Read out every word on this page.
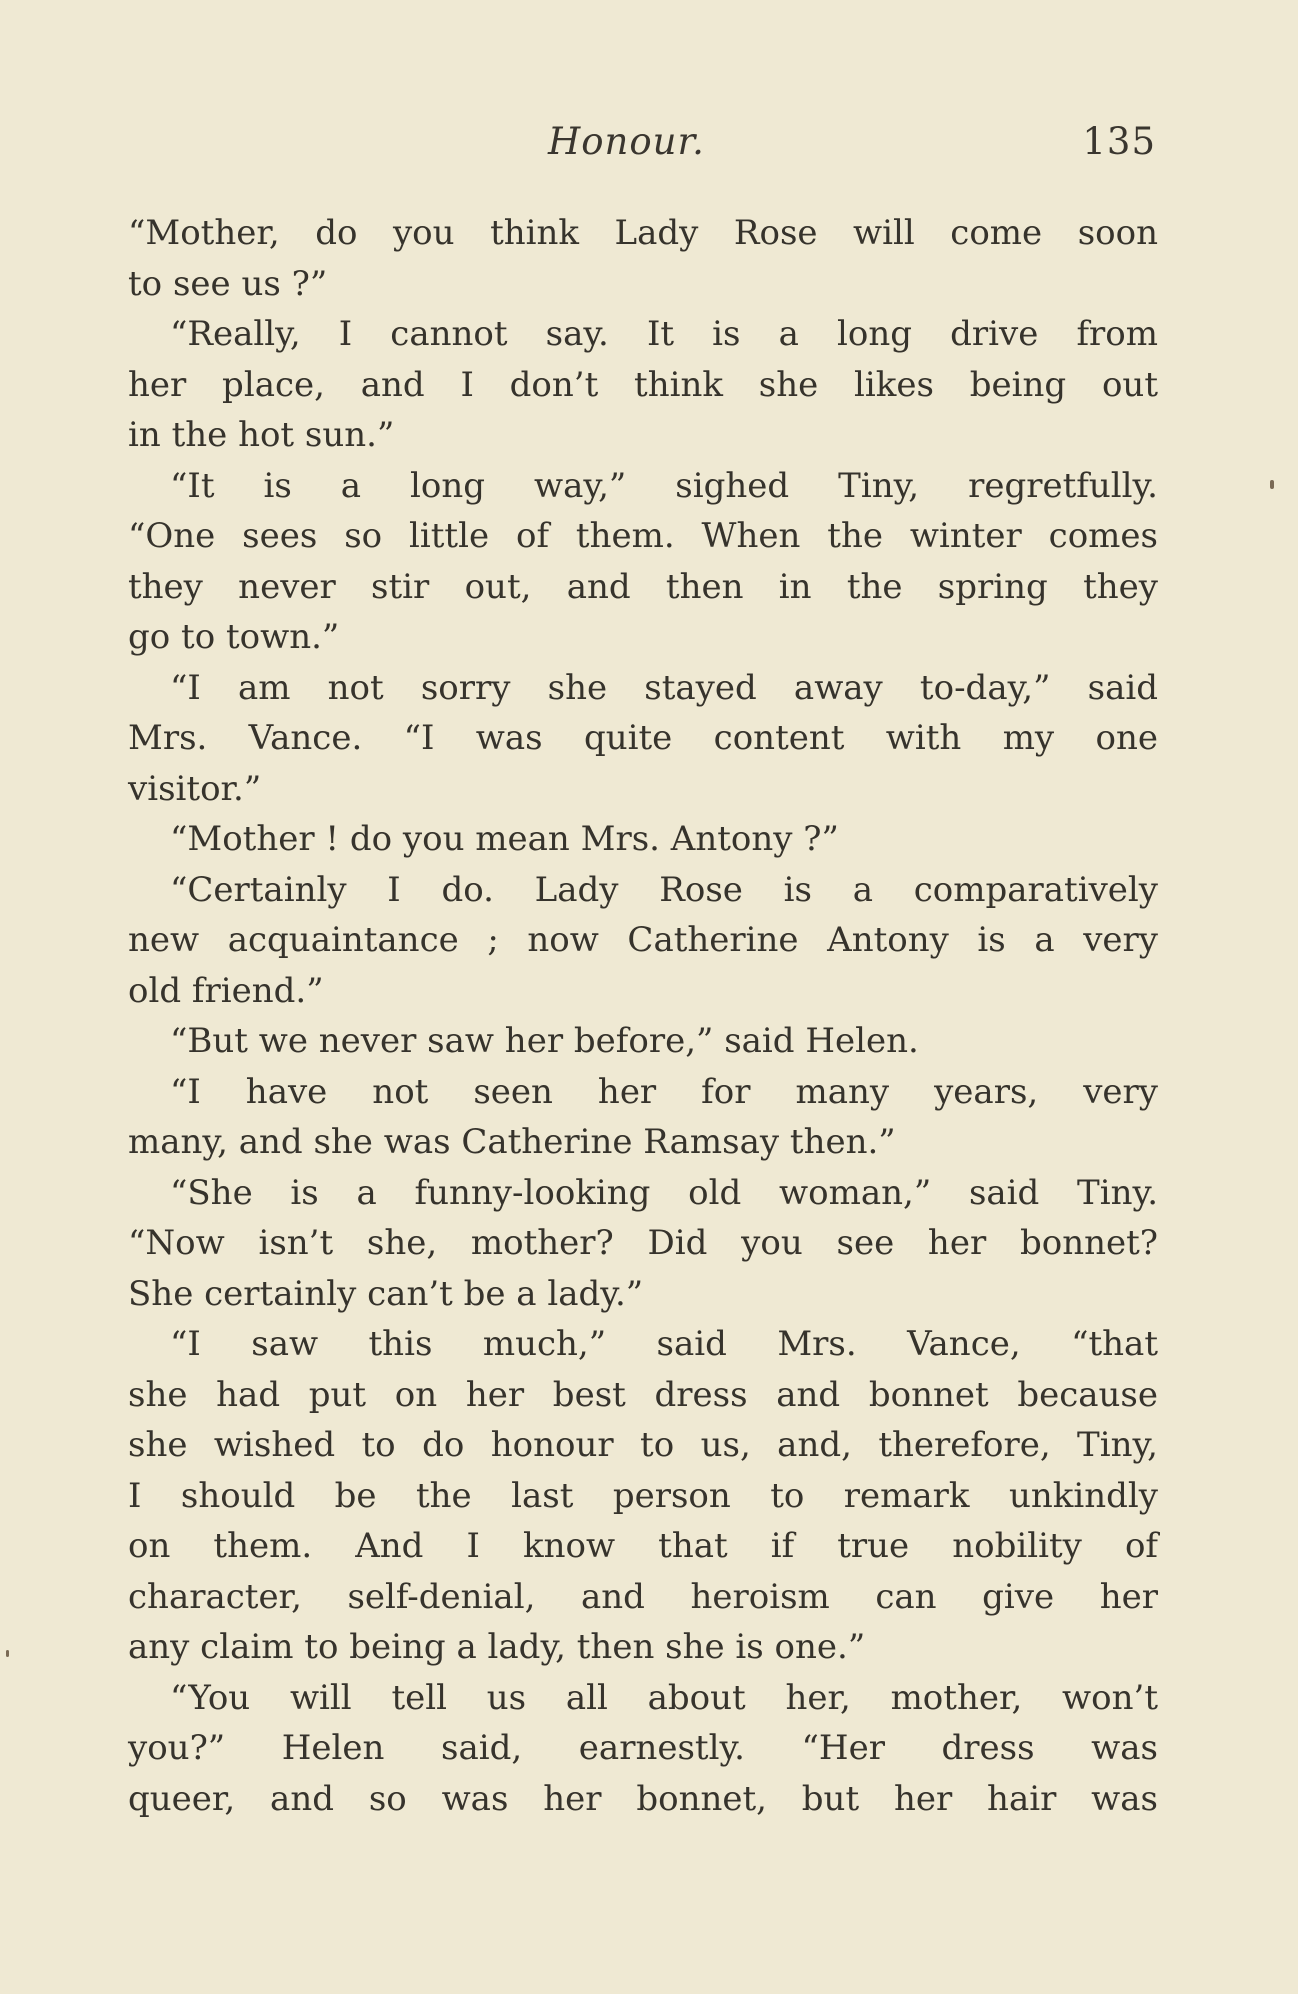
Honour.	135
“Mother, do you think Lady Rose will come soon
to see us ?”
“Really, I cannot say. It is a long drive from
her place, and I don’t think she likes being out
in the hot sun.”
“It is a long way,” sighed Tiny, regretfully.
“One sees so little of them. When the winter comes
they never stir out, and then in the spring they
go to town.”
“I am not sorry she stayed away to-day,” said
Mrs. Vance. “I was quite content with my one
visitor.”
“Mother ! do you mean Mrs. Antony ?”
“Certainly I do. Lady Rose is a comparatively
new acquaintance ; now Catherine Antony is a very
old friend.”
“But we never saw her before,” said Helen.
“I have not seen her for many years, very
many, and she was Catherine Ramsay then.”
“She is a funny-looking old woman,” said Tiny.
“Now isn’t she, mother? Did you see her bonnet?
She certainly can’t be a lady.”
“I saw this much,” said Mrs. Vance, “that
she had put on her best dress and bonnet because
she wished to do honour to us, and, therefore, Tiny,
I should be the last person to remark unkindly
on them. And I know that if true nobility of
character, self-denial, and heroism can give her
any claim to being a lady, then she is one.”
“You will tell us all about her, mother, won’t
you?” Helen said, earnestly. “Her dress was
queer, and so was her bonnet, but her hair was
